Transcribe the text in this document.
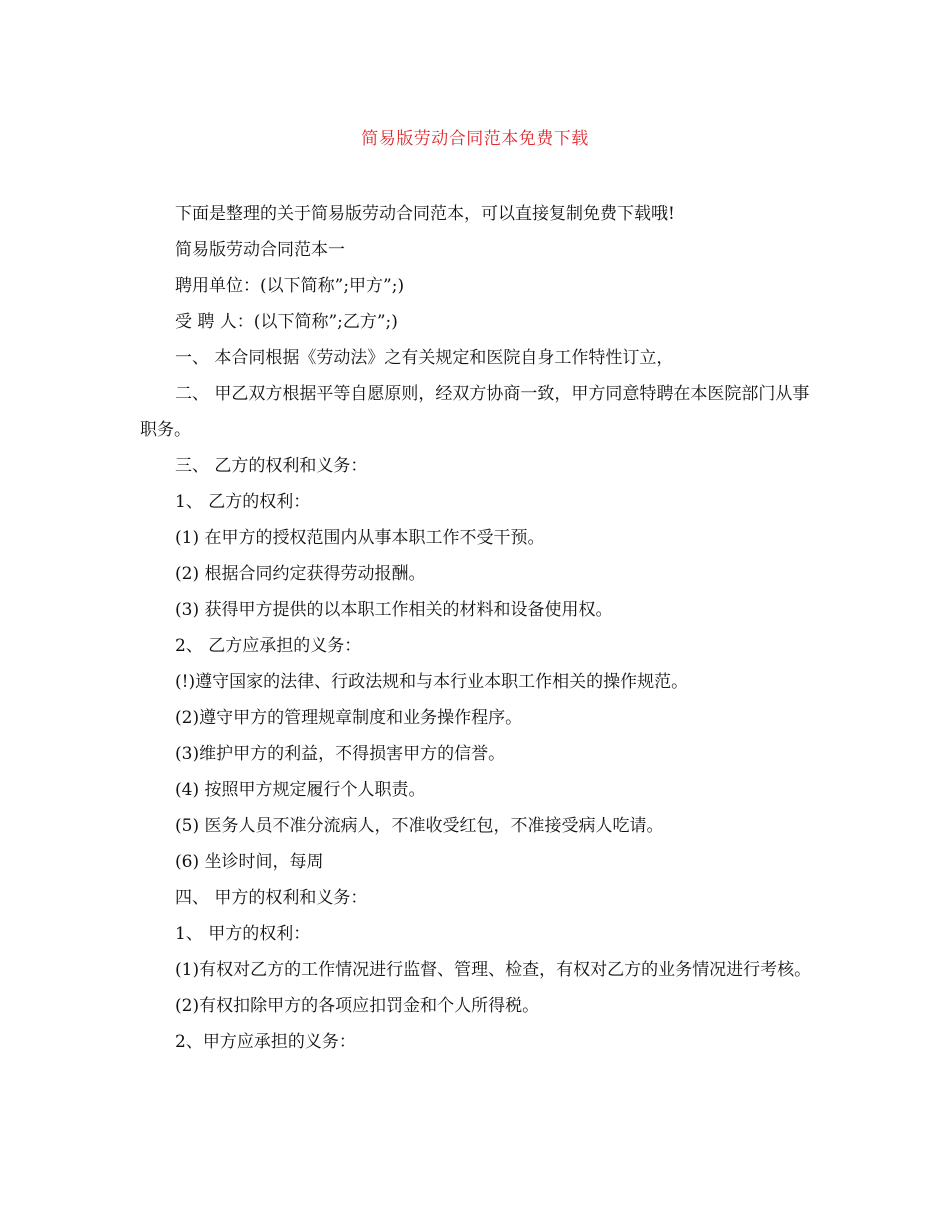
简易版劳动合同范本免费下载

下面是整理的关于简易版劳动合同范本，可以直接复制免费下载哦!

简易版劳动合同范本一

聘用单位：(以下简称”;甲方”;)

受 聘 人：(以下简称”;乙方”;)

一、 本合同根据《劳动法》之有关规定和医院自身工作特性订立，

二、 甲乙双方根据平等自愿原则，经双方协商一致，甲方同意特聘在本医院部门从事 职务。

三、 乙方的权利和义务：

1、 乙方的权利：

(1) 在甲方的授权范围内从事本职工作不受干预。

(2) 根据合同约定获得劳动报酬。

(3) 获得甲方提供的以本职工作相关的材料和设备使用权。

2、 乙方应承担的义务：

(!)遵守国家的法律、行政法规和与本行业本职工作相关的操作规范。

(2)遵守甲方的管理规章制度和业务操作程序。

(3)维护甲方的利益，不得损害甲方的信誉。

(4) 按照甲方规定履行个人职责。

(5) 医务人员不准分流病人，不准收受红包，不准接受病人吃请。

(6) 坐诊时间，每周

四、 甲方的权利和义务：

1、 甲方的权利：

(1)有权对乙方的工作情况进行监督、管理、检查，有权对乙方的业务情况进行考核。

(2)有权扣除甲方的各项应扣罚金和个人所得税。

2、甲方应承担的义务：
